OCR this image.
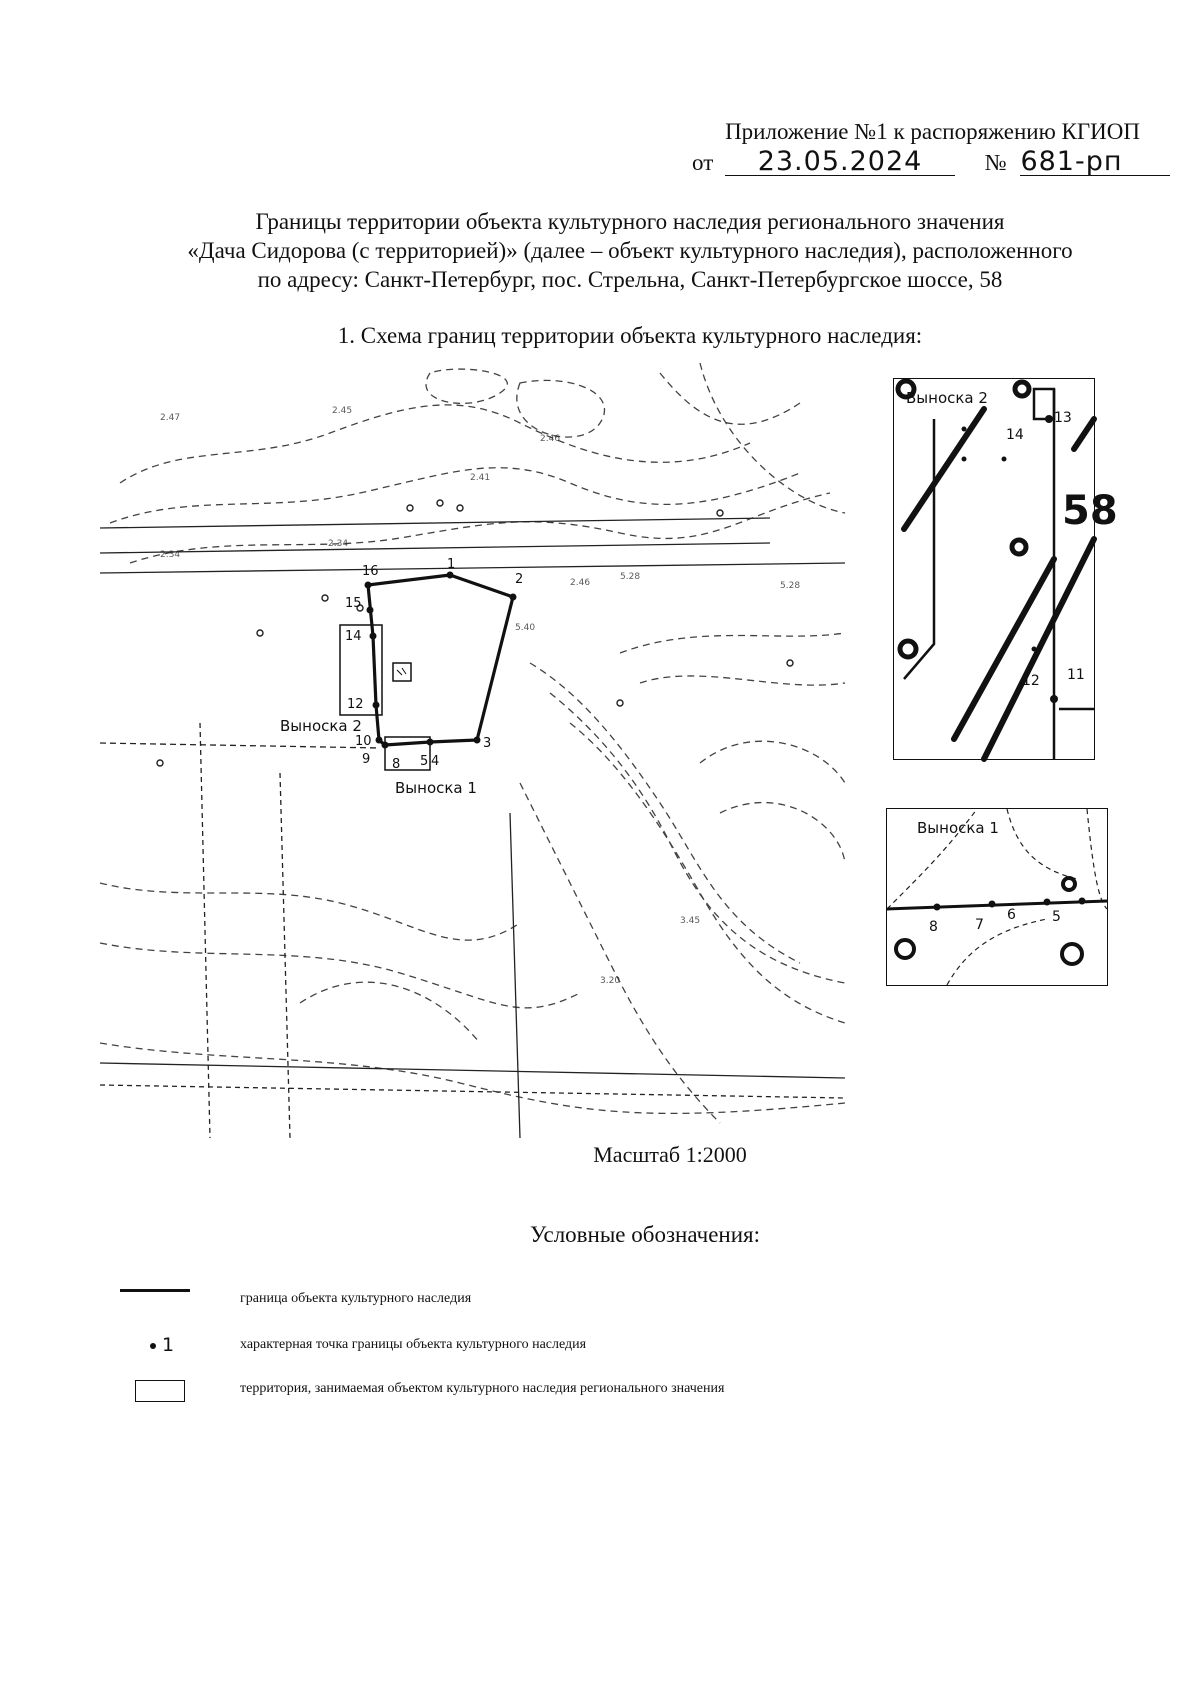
Приложение №1 к распоряжению КГИОП
от 23.05.2024	№ 681-рп
Границы территории объекта культурного наследия регионального значения
«Дача Сидорова (с территорией)» (далее – объект культурного наследия), расположенного
по адресу: Санкт-Петербург, пос. Стрельна, Санкт-Петербургское шоссе, 58
1. Схема границ территории объекта культурного наследия:
2.45
2.47
2.41
2.46
2.34
2.34
5.28
5.40
3.45
3.20
2.46	5.28
1
2
3
4
5
8
9
10
12
14
15
16
Выноска 2
Выноска 1
Выноска 2
13
14
12 11
58
Выноска 1
8	7
6	5
Масштаб 1:2000
Условные обозначения:
граница объекта культурного наследия
1	характерная точка границы объекта культурного наследия
территория, занимаемая объектом культурного наследия регионального значения
